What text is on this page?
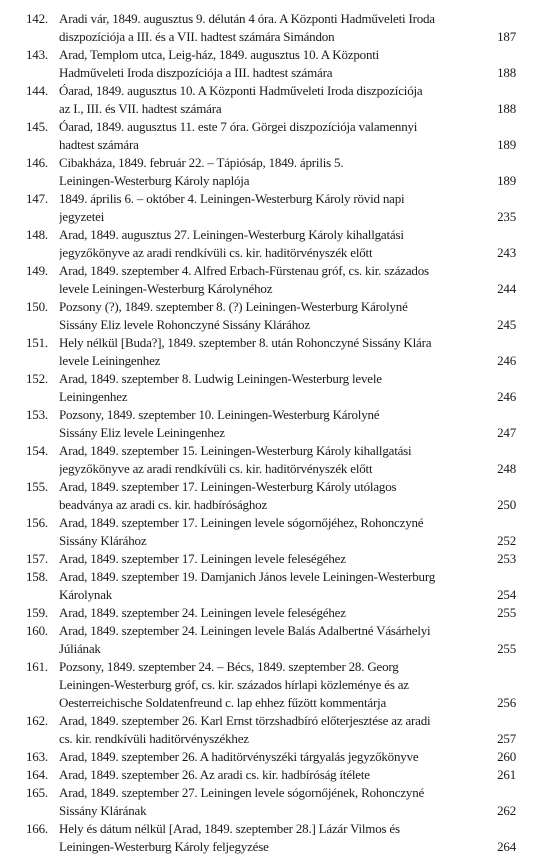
142. Aradi vár, 1849. augusztus 9. délután 4 óra. A Központi Hadműveleti Iroda
diszpozíciója a III. és a VII. hadtest számára Simándon	187
143. Arad, Templom utca, Leig-ház, 1849. augusztus 10. A Központi
Hadműveleti Iroda diszpozíciója a III. hadtest számára	188
144. Óarad, 1849. augusztus 10. A Központi Hadműveleti Iroda diszpozíciója
az I., III. és VII. hadtest számára	188
145. Óarad, 1849. augusztus 11. este 7 óra. Görgei diszpozíciója valamennyi
hadtest számára	189
146. Cibakháza, 1849. február 22. – Tápiósáp, 1849. április 5.
Leiningen-Westerburg Károly naplója	189
147. 1849. április 6. – október 4. Leiningen-Westerburg Károly rövid napi
jegyzetei	235
148. Arad, 1849. augusztus 27. Leiningen-Westerburg Károly kihallgatási
jegyzőkönyve az aradi rendkívüli cs. kir. haditörvényszék előtt	243
149. Arad, 1849. szeptember 4. Alfred Erbach-Fürstenau gróf, cs. kir. százados
levele Leiningen-Westerburg Károlynéhoz	244
150. Pozsony (?), 1849. szeptember 8. (?) Leiningen-Westerburg Károlyné
Sissány Eliz levele Rohonczyné Sissány Klárához	245
151. Hely nélkül [Buda?], 1849. szeptember 8. után Rohonczyné Sissány Klára
levele Leiningenhez	246
152. Arad, 1849. szeptember 8. Ludwig Leiningen-Westerburg levele
Leiningenhez	246
153. Pozsony, 1849. szeptember 10. Leiningen-Westerburg Károlyné
Sissány Eliz levele Leiningenhez	247
154. Arad, 1849. szeptember 15. Leiningen-Westerburg Károly kihallgatási
jegyzőkönyve az aradi rendkívüli cs. kir. haditörvényszék előtt	248
155. Arad, 1849. szeptember 17. Leiningen-Westerburg Károly utólagos
beadványa az aradi cs. kir. hadbírósághoz	250
156. Arad, 1849. szeptember 17. Leiningen levele sógornőjéhez, Rohonczyné
Sissány Klárához	252
157. Arad, 1849. szeptember 17. Leiningen levele feleségéhez	253
158. Arad, 1849. szeptember 19. Damjanich János levele Leiningen-Westerburg
Károlynak	254
159. Arad, 1849. szeptember 24. Leiningen levele feleségéhez	255
160. Arad, 1849. szeptember 24. Leiningen levele Balás Adalbertné Vásárhelyi
Júliának	255
161. Pozsony, 1849. szeptember 24. – Bécs, 1849. szeptember 28. Georg
Leiningen-Westerburg gróf, cs. kir. százados hírlapi közleménye és az
Oesterreichische Soldatenfreund c. lap ehhez fűzött kommentárja	256
162. Arad, 1849. szeptember 26. Karl Ernst törzshadbíró előterjesztése az aradi
cs. kir. rendkívüli haditörvényszékhez	257
163. Arad, 1849. szeptember 26. A haditörvényszéki tárgyalás jegyzőkönyve	260
164. Arad, 1849. szeptember 26. Az aradi cs. kir. hadbíróság ítélete	261
165. Arad, 1849. szeptember 27. Leiningen levele sógornőjének, Rohonczyné
Sissány Klárának	262
166. Hely és dátum nélkül [Arad, 1849. szeptember 28.] Lázár Vilmos és
Leiningen-Westerburg Károly feljegyzése	264
